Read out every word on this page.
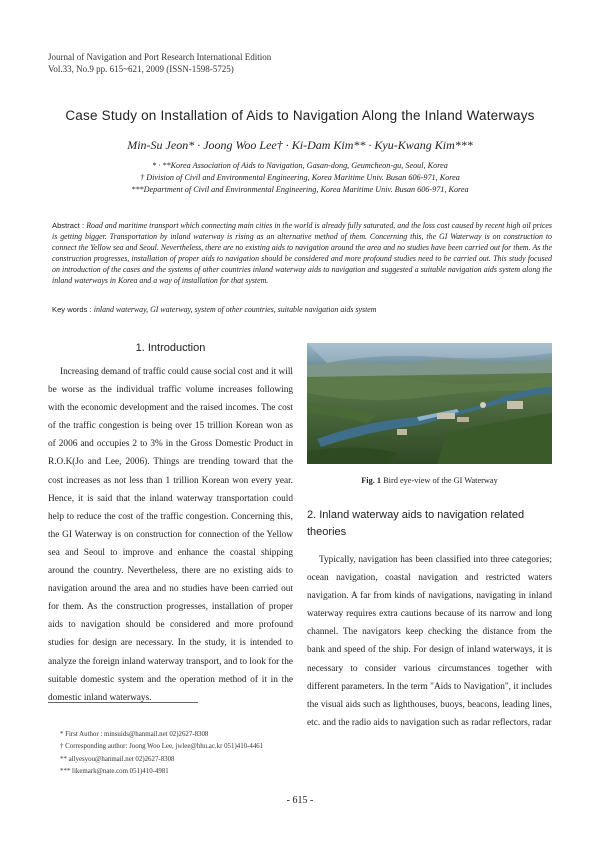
Journal of Navigation and Port Research International Edition
Vol.33, No.9 pp. 615~621, 2009 (ISSN-1598-5725)
Case Study on Installation of Aids to Navigation Along the Inland Waterways
Min-Su Jeon* · Joong Woo Lee† · Ki-Dam Kim** · Kyu-Kwang Kim***
* · **Korea Association of Aids to Navigation, Gasan-dong, Geumcheon-gu, Seoul, Korea
† Division of Civil and Environmental Engineering, Korea Maritime Univ. Busan 606-971, Korea
***Department of Civil and Environmental Engineering, Korea Maritime Univ. Busan 606-971, Korea
Abstract : Road and maritime transport which connecting main cities in the world is already fully saturated, and the loss cost caused by recent high oil prices is getting bigger. Transportation by inland waterway is rising as an alternative method of them. Concerning this, the GI Waterway is on construction to connect the Yellow sea and Seoul. Nevertheless, there are no existing aids to navigation around the area and no studies have been carried out for them. As the construction progresses, installation of proper aids to navigation should be considered and more profound studies need to be carried out. This study focused on introduction of the cases and the systems of other countries inland waterway aids to navigation and suggested a suitable navigation aids system along the inland waterways in Korea and a way of installation for that system.
Key words : inland waterway, GI waterway, system of other countries, suitable navigation aids system
1. Introduction

Increasing demand of traffic could cause social cost and it will be worse as the individual traffic volume increases following with the economic development and the raised incomes. The cost of the traffic congestion is being over 15 trillion Korean won as of 2006 and occupies 2 to 3% in the Gross Domestic Product in R.O.K(Jo and Lee, 2006). Things are trending toward that the cost increases as not less than 1 trillion Korean won every year. Hence, it is said that the inland waterway transportation could help to reduce the cost of the traffic congestion. Concerning this, the GI Waterway is on construction for connection of the Yellow sea and Seoul to improve and enhance the coastal shipping around the country. Nevertheless, there are no existing aids to navigation around the area and no studies have been carried out for them. As the construction progresses, installation of proper aids to navigation should be considered and more profound studies for design are necessary. In the study, it is intended to analyze the foreign inland waterway transport, and to look for the suitable domestic system and the operation method of it in the domestic inland waterways.

Fig. 1 Bird eye-view of the GI Waterway
2. Inland waterway aids to navigation related theories

Typically, navigation has been classified into three categories; ocean navigation, coastal navigation and restricted waters navigation. A far from kinds of navigations, navigating in inland waterway requires extra cautions because of its narrow and long channel. The navigators keep checking the distance from the bank and speed of the ship. For design of inland waterways, it is necessary to consider various circumstances together with different parameters. In the term "Aids to Navigation", it includes the visual aids such as lighthouses, buoys, beacons, leading lines, etc. and the radio aids to navigation such as radar reflectors, radar

* First Author : minsuids@hanmail.net 02)2627-8308
† Corresponding author: Joong Woo Lee, jwlee@hhu.ac.kr 051)410-4461
** allyesyou@hanmail.net 02)2627-8308
*** likemark@nate.com 051)410-4981
- 615 -
